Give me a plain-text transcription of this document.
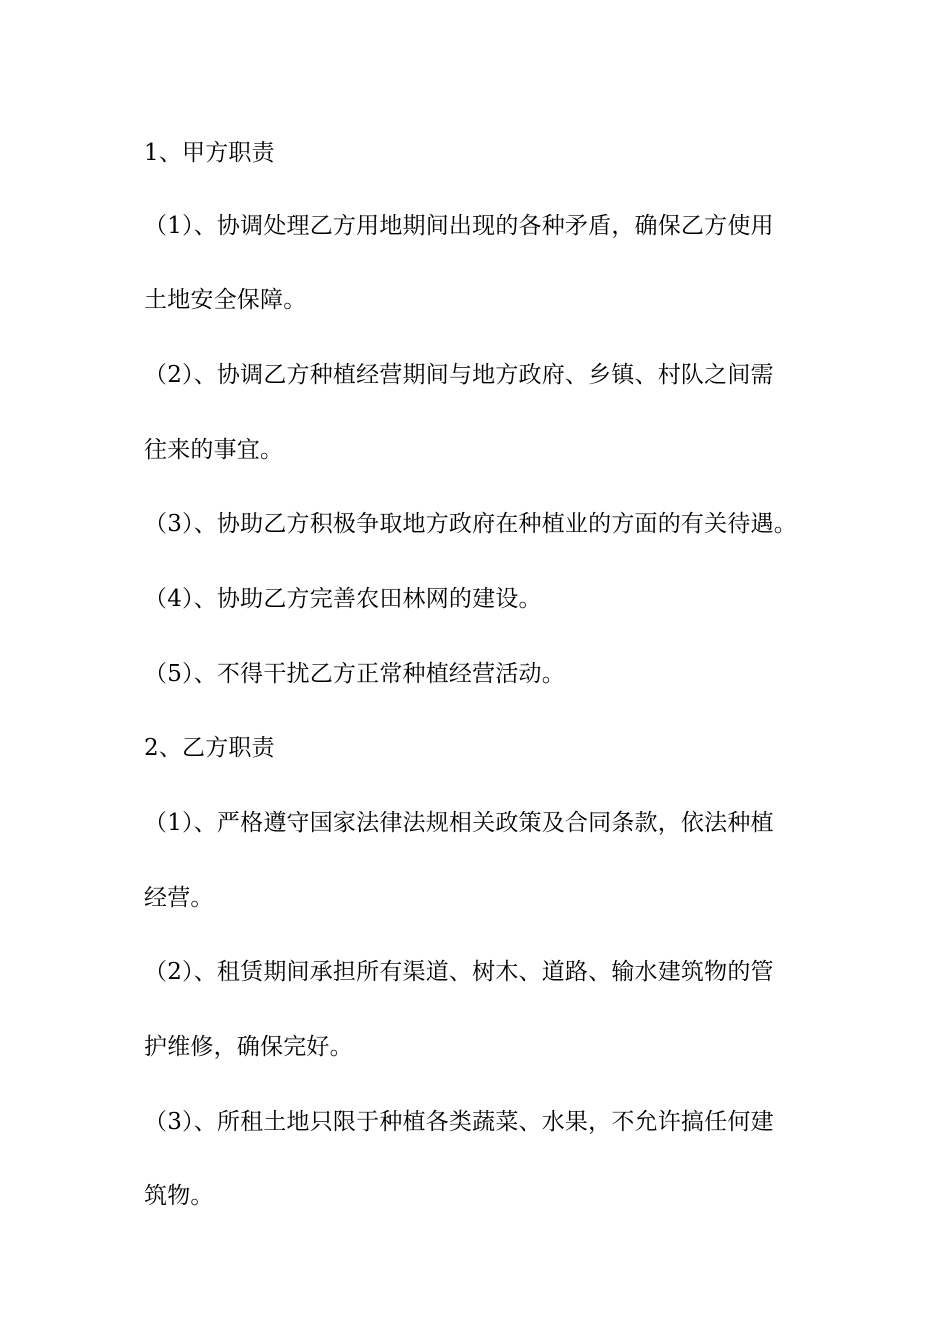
1、甲方职责
（1）、协调处理乙方用地期间出现的各种矛盾，确保乙方使用
土地安全保障。
（2）、协调乙方种植经营期间与地方政府、乡镇、村队之间需
往来的事宜。
（3）、协助乙方积极争取地方政府在种植业的方面的有关待遇。
（4）、协助乙方完善农田林网的建设。
（5）、不得干扰乙方正常种植经营活动。
2、乙方职责
（1）、严格遵守国家法律法规相关政策及合同条款，依法种植
经营。
（2）、租赁期间承担所有渠道、树木、道路、输水建筑物的管
护维修，确保完好。
（3）、所租土地只限于种植各类蔬菜、水果，不允许搞任何建
筑物。
